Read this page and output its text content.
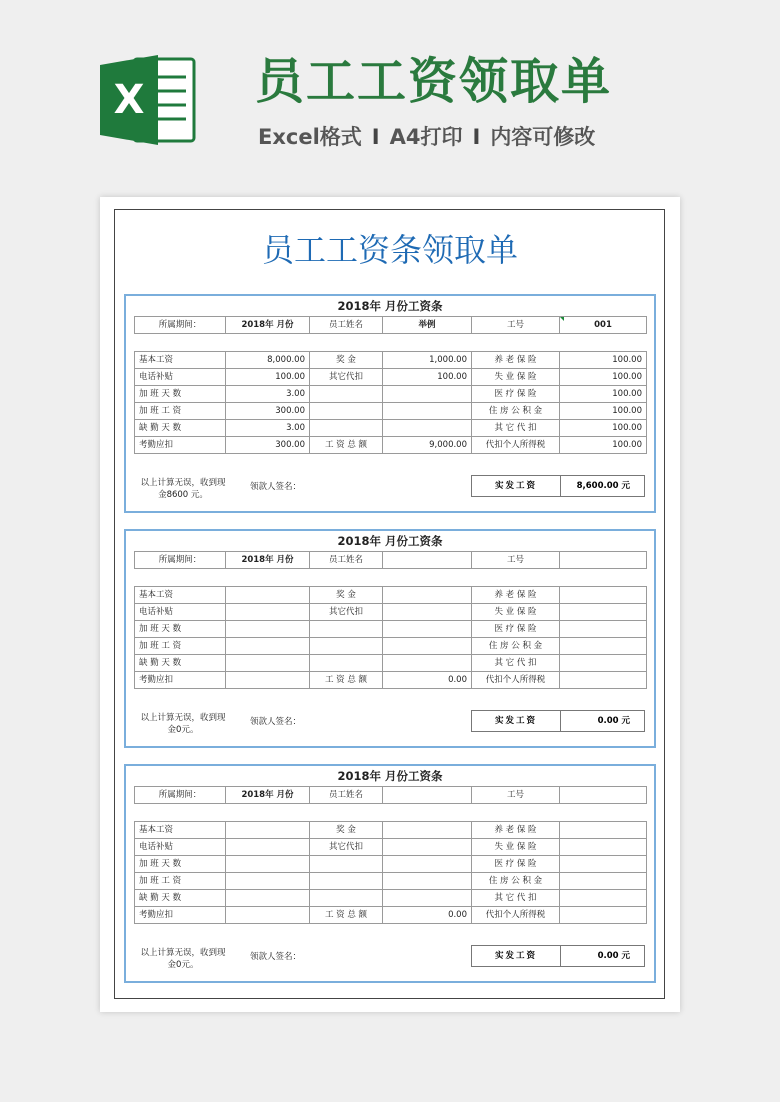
X 员工工资领取单
Excel格式 I A4打印 I 内容可修改
员工工资条领取单
2018年 月份工资条
所属期间：	2018年 月份	员工姓名	举例	工号	001

基本工资	8,000.00	奖 金	1,000.00	养 老 保 险	100.00
电话补贴	100.00	其它代扣	100.00	失 业 保 险	100.00
加 班 天 数	3.00			医 疗 保 险	100.00
加 班 工 资	300.00			住 房 公 积 金	100.00
缺 勤 天 数	3.00			其 它 代 扣	100.00
考勤应扣	300.00	工 资 总 额	9,000.00	代扣个人所得税	100.00
以上计算无误，收到现金8600 元。
领款人签名：	实发工资	8,600.00 元
2018年 月份工资条
所属期间：	2018年 月份	员工姓名		工号	

基本工资		奖 金		养 老 保 险	
电话补贴		其它代扣		失 业 保 险	
加 班 天 数				医 疗 保 险	
加 班 工 资				住 房 公 积 金	
缺 勤 天 数				其 它 代 扣	
考勤应扣		工 资 总 额	0.00	代扣个人所得税	
以上计算无误，收到现金0元。
领款人签名：	实发工资	0.00 元
2018年 月份工资条
所属期间：	2018年 月份	员工姓名		工号	

基本工资		奖 金		养 老 保 险	
电话补贴		其它代扣		失 业 保 险	
加 班 天 数				医 疗 保 险	
加 班 工 资				住 房 公 积 金	
缺 勤 天 数				其 它 代 扣	
考勤应扣		工 资 总 额	0.00	代扣个人所得税	
以上计算无误，收到现金0元。
领款人签名：	实发工资	0.00 元
